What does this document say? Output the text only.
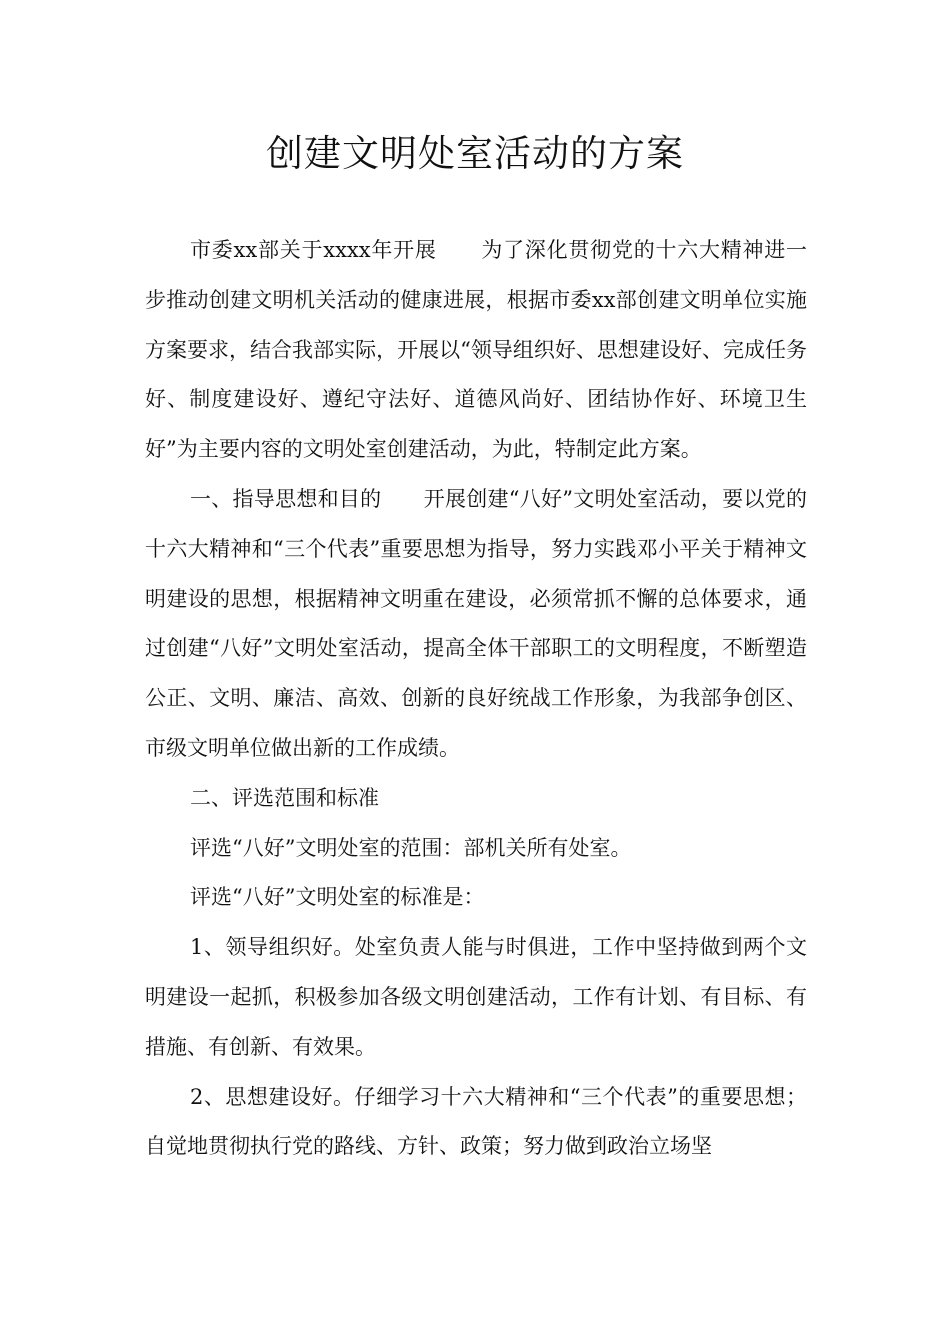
创建文明处室活动的方案

市委xx部关于xxxx年开展 为了深化贯彻党的十六大精神进一步推动创建文明机关活动的健康进展，根据市委xx部创建文明单位实施方案要求，结合我部实际，开展以“领导组织好、思想建设好、完成任务好、制度建设好、遵纪守法好、道德风尚好、团结协作好、环境卫生好”为主要内容的文明处室创建活动，为此，特制定此方案。

一、指导思想和目的 开展创建“八好”文明处室活动，要以党的十六大精神和“三个代表”重要思想为指导，努力实践邓小平关于精神文明建设的思想，根据精神文明重在建设，必须常抓不懈的总体要求，通过创建“八好”文明处室活动，提高全体干部职工的文明程度，不断塑造公正、文明、廉洁、高效、创新的良好统战工作形象，为我部争创区、市级文明单位做出新的工作成绩。

二、评选范围和标准

评选“八好”文明处室的范围：部机关所有处室。

评选“八好”文明处室的标准是：

1、领导组织好。处室负责人能与时俱进，工作中坚持做到两个文明建设一起抓，积极参加各级文明创建活动，工作有计划、有目标、有措施、有创新、有效果。

2、思想建设好。仔细学习十六大精神和“三个代表”的重要思想；自觉地贯彻执行党的路线、方针、政策；努力做到政治立场坚
